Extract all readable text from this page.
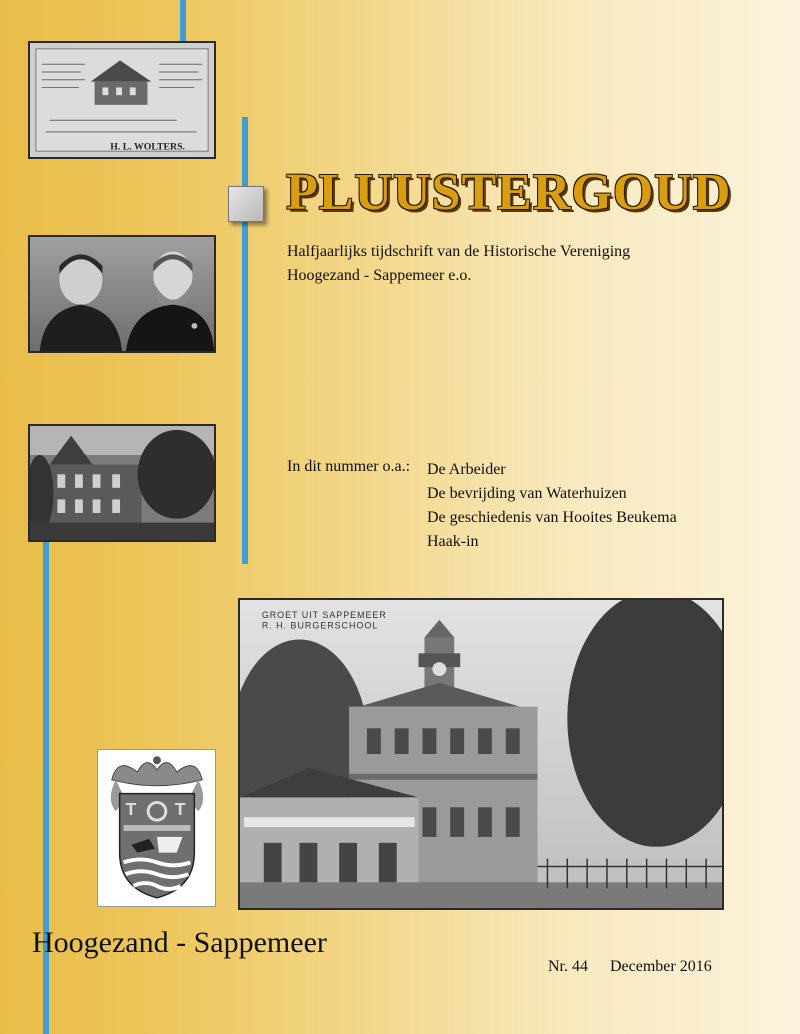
H. L. WOLTERS.
T T
GROET UIT SAPPEMEER
R. H. BURGERSCHOOL
PLUUSTERGOUD
Halfjaarlijks tijdschrift van de Historische Vereniging
Hoogezand - Sappemeer e.o.
In dit nummer o.a.: De Arbeider
De bevrijding van Waterhuizen
De geschiedenis van Hooites Beukema
Haak-in
Hoogezand - Sappemeer
Nr. 44 December 2016
